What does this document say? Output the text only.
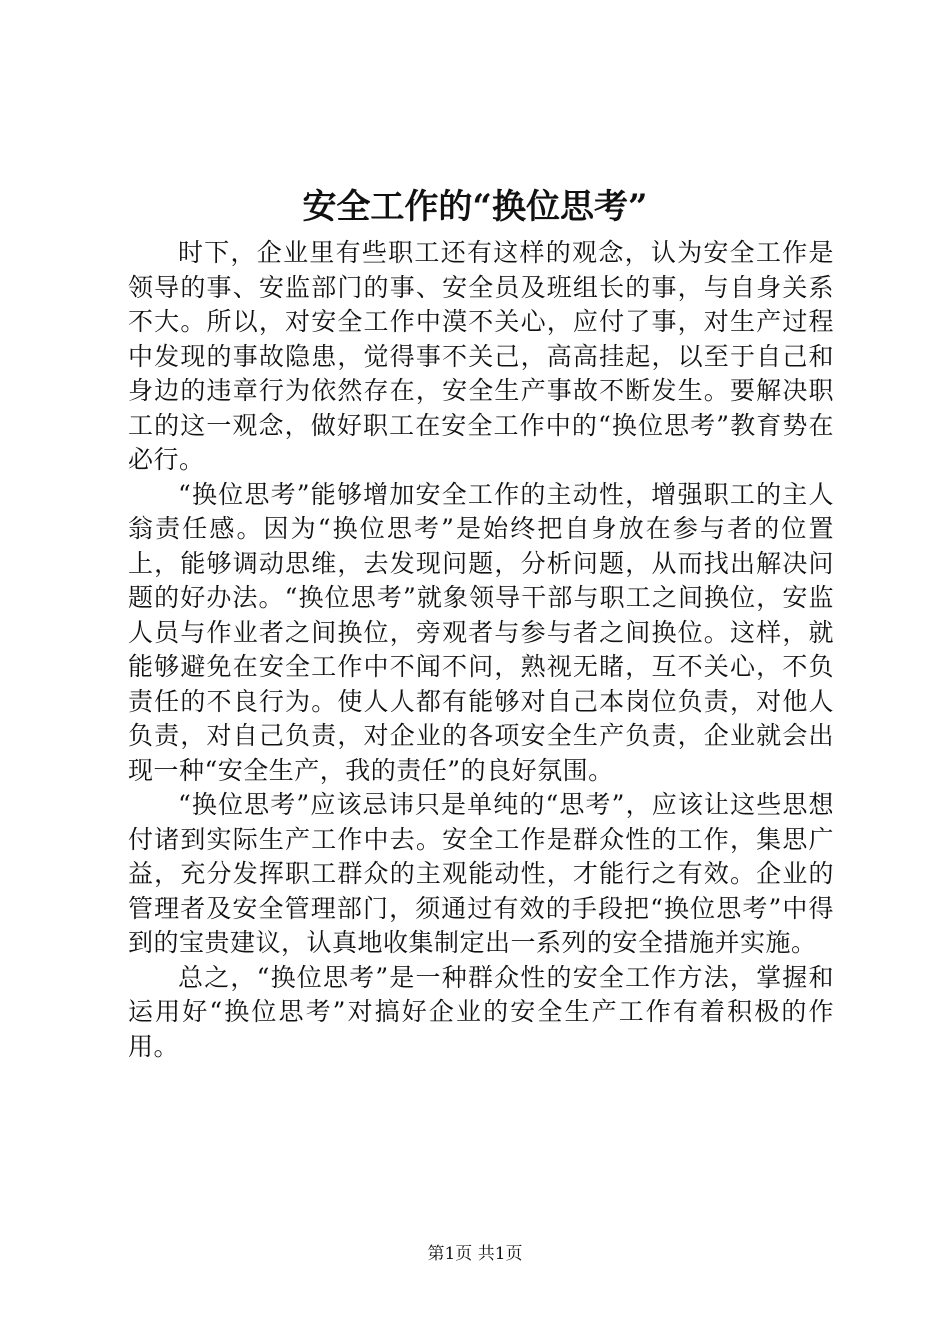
安全工作的“换位思考”

时下，企业里有些职工还有这样的观念，认为安全工作是领导的事、安监部门的事、安全员及班组长的事，与自身关系不大。所以，对安全工作中漠不关心，应付了事，对生产过程中发现的事故隐患，觉得事不关己，高高挂起，以至于自己和身边的违章行为依然存在，安全生产事故不断发生。要解决职工的这一观念，做好职工在安全工作中的“换位思考”教育势在必行。

“换位思考”能够增加安全工作的主动性，增强职工的主人翁责任感。因为“换位思考”是始终把自身放在参与者的位置上，能够调动思维，去发现问题，分析问题，从而找出解决问题的好办法。“换位思考”就象领导干部与职工之间换位，安监人员与作业者之间换位，旁观者与参与者之间换位。这样，就能够避免在安全工作中不闻不问，熟视无睹，互不关心，不负责任的不良行为。使人人都有能够对自己本岗位负责，对他人负责，对自己负责，对企业的各项安全生产负责，企业就会出现一种“安全生产，我的责任”的良好氛围。

“换位思考”应该忌讳只是单纯的“思考”，应该让这些思想付诸到实际生产工作中去。安全工作是群众性的工作，集思广益，充分发挥职工群众的主观能动性，才能行之有效。企业的管理者及安全管理部门，须通过有效的手段把“换位思考”中得到的宝贵建议，认真地收集制定出一系列的安全措施并实施。

总之，“换位思考”是一种群众性的安全工作方法，掌握和运用好“换位思考”对搞好企业的安全生产工作有着积极的作用。

第1页 共1页
